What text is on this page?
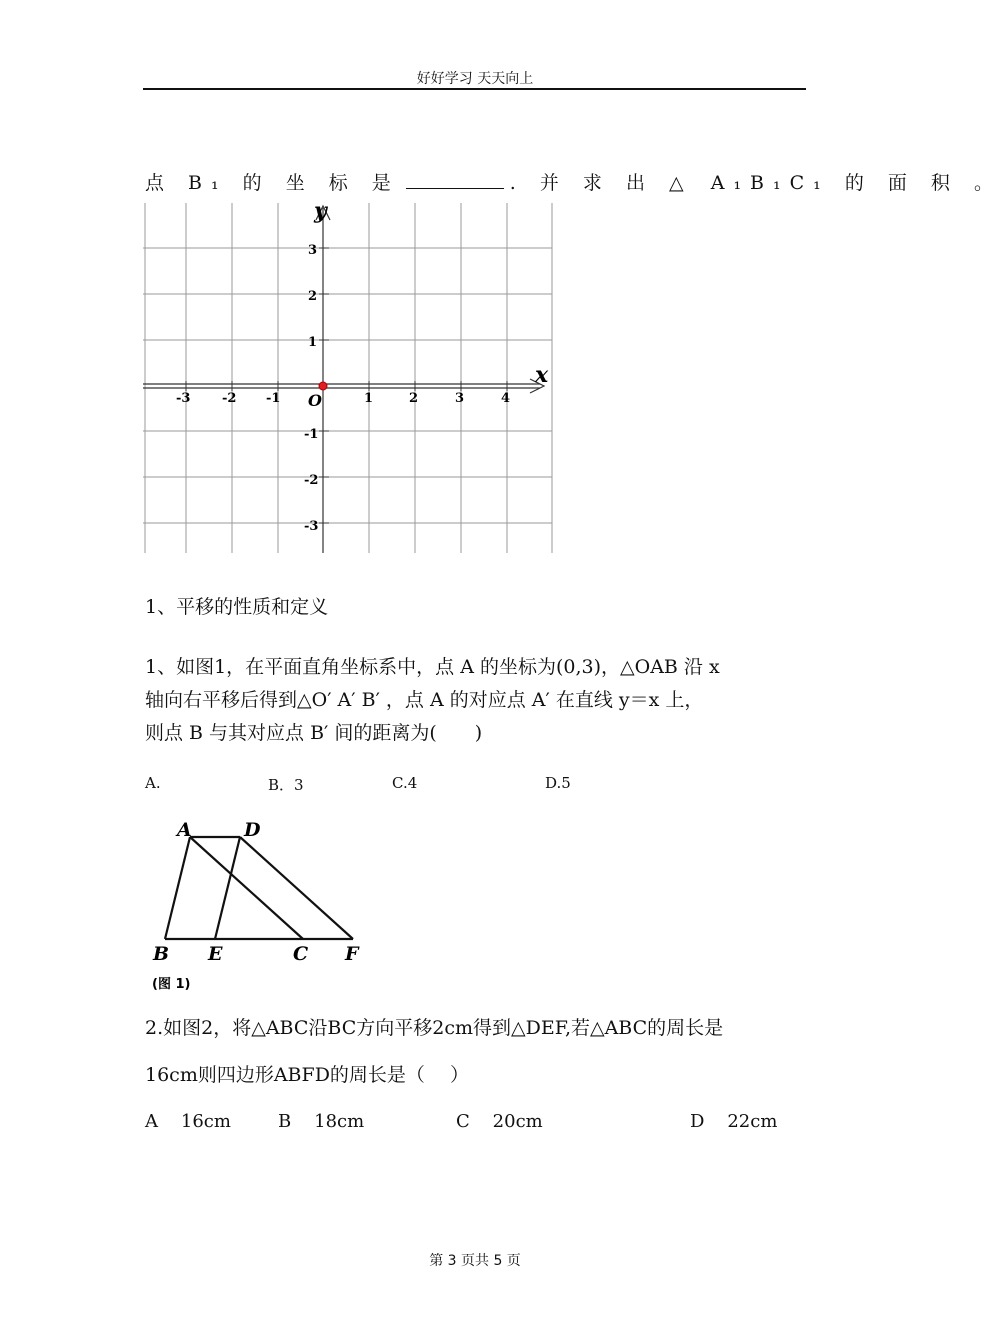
好好学习 天天向上
点 B₁ 的 坐 标 是	. 并 求 出 △ A₁B₁C₁ 的 面 积 。
y
x
O
-3 -2 -1	1	2	3	4
3
2
1
-1
-2
-3
1、平移的性质和定义
1、如图1，在平面直角坐标系中，点 A 的坐标为(0,3)，△OAB 沿 x
轴向右平移后得到△O′ A′ B′ ，点 A 的对应点 A′ 在直线 y＝x 上，
则点 B 与其对应点 B′ 间的距离为(　　)
A.	B．3	C.4	D.5
A	D
B E	C F
(图 1)
2.如图2，将△ABC沿BC方向平移2cm得到△DEF,若△ABC的周长是
16cm则四边形ABFD的周长是（　 ）
A 16cm	B 18cm	C 20cm	D 22cm
第 3 页共 5 页
